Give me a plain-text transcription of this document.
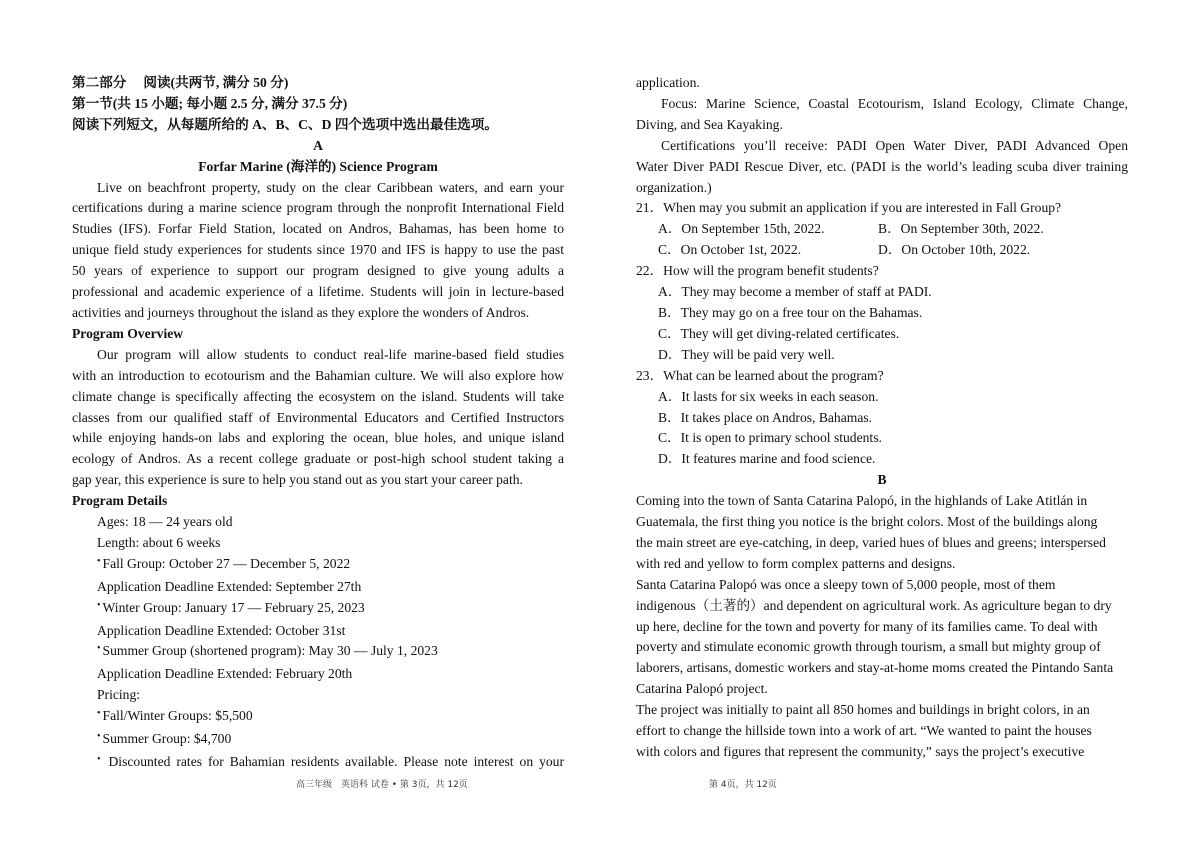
第二部分　 阅读(共两节, 满分 50 分)
第一节(共 15 小题; 每小题 2.5 分, 满分 37.5 分)
阅读下列短文，从每题所给的 A、B、C、D 四个选项中选出最佳选项。
A
Forfar Marine (海洋的) Science Program
Live on beachfront property, study on the clear Caribbean waters, and earn your
certifications during a marine science program through the nonprofit International Field
Studies (IFS). Forfar Field Station, located on Andros, Bahamas, has been home to
unique field study experiences for students since 1970 and IFS is happy to use the past
50 years of experience to support our program designed to give young adults a
professional and academic experience of a lifetime. Students will join in lecture-based
activities and journeys throughout the island as they explore the wonders of Andros.
Program Overview
Our program will allow students to conduct real-life marine-based field studies
with an introduction to ecotourism and the Bahamian culture. We will also explore how
climate change is specifically affecting the ecosystem on the island. Students will take
classes from our qualified staff of Environmental Educators and Certified Instructors
while enjoying hands-on labs and exploring the ocean, blue holes, and unique island
ecology of Andros. As a recent college graduate or post-high school student taking a
gap year, this experience is sure to help you stand out as you start your career path.
Program Details
Ages: 18 — 24 years old
Length: about 6 weeks
• Fall Group: October 27 — December 5, 2022
Application Deadline Extended: September 27th
• Winter Group: January 17 — February 25, 2023
Application Deadline Extended: October 31st
• Summer Group (shortened program): May 30 — July 1, 2023
Application Deadline Extended: February 20th
Pricing:
• Fall/Winter Groups: $5,500
• Summer Group: $4,700
• Discounted rates for Bahamian residents available. Please note interest on your
application.
Focus: Marine Science, Coastal Ecotourism, Island Ecology, Climate Change,
Diving, and Sea Kayaking.
Certifications you’ll receive: PADI Open Water Diver, PADI Advanced Open
Water Diver PADI Rescue Diver, etc. (PADI is the world’s leading scuba diver training
organization.)
21．When may you submit an application if you are interested in Fall Group?
A．On September 15th, 2022.	B．On September 30th, 2022.
C．On October 1st, 2022.	D．On October 10th, 2022.
22．How will the program benefit students?
A．They may become a member of staff at PADI.
B．They may go on a free tour on the Bahamas.
C．They will get diving-related certificates.
D．They will be paid very well.
23．What can be learned about the program?
A．It lasts for six weeks in each season.
B．It takes place on Andros, Bahamas.
C．It is open to primary school students.
D．It features marine and food science.
B
Coming into the town of Santa Catarina Palopó, in the highlands of Lake Atitlán in
Guatemala, the first thing you notice is the bright colors. Most of the buildings along
the main street are eye-catching, in deep, varied hues of blues and greens; interspersed
with red and yellow to form complex patterns and designs.
Santa Catarina Palopó was once a sleepy town of 5,000 people, most of them
indigenous（土著的）and dependent on agricultural work. As agriculture began to dry
up here, decline for the town and poverty for many of its families came. To deal with
poverty and stimulate economic growth through tourism, a small but mighty group of
laborers, artisans, domestic workers and stay-at-home moms created the Pintando Santa
Catarina Palopó project.
The project was initially to paint all 850 homes and buildings in bright colors, in an
effort to change the hillside town into a work of art. “We wanted to paint the houses
with colors and figures that represent the community,” says the project’s executive
高三年级　英语科 试卷 • 第 3页，共 12页	第 4页，共 12页
